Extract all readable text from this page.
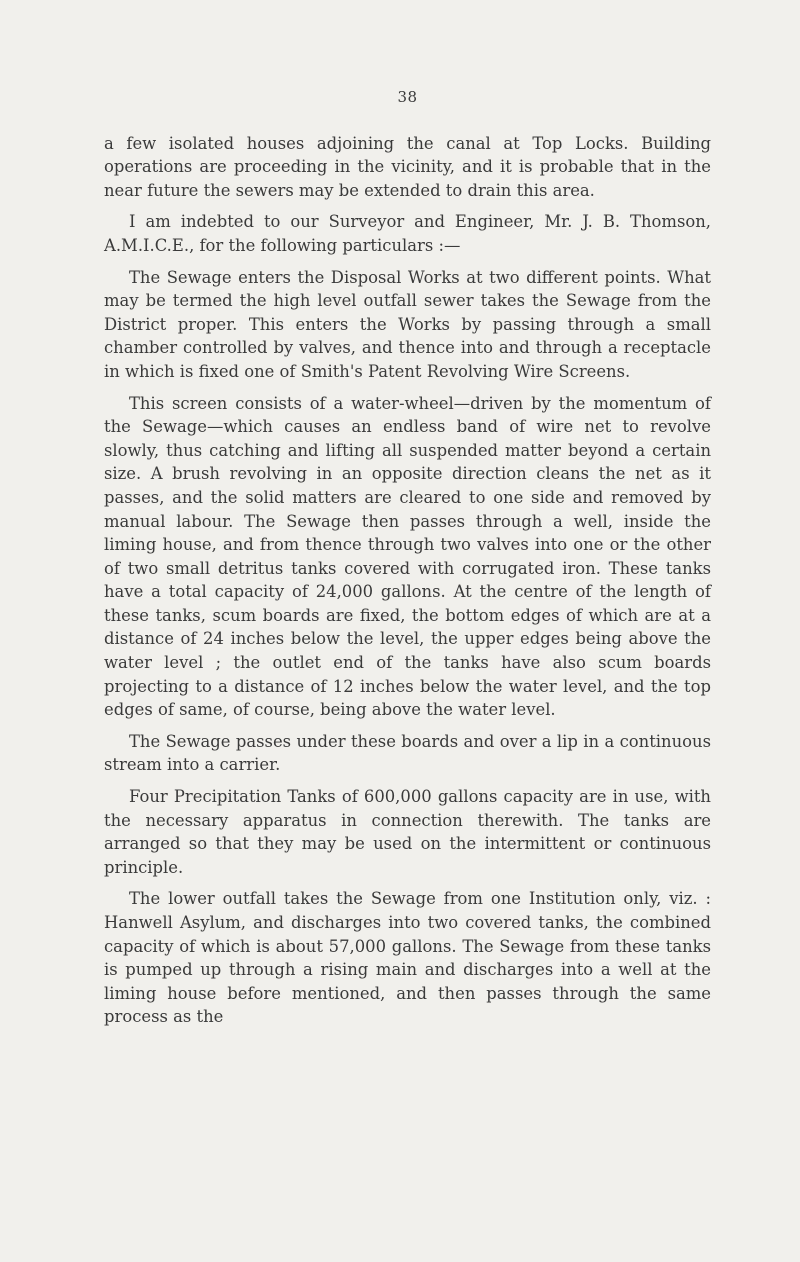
38

a few isolated houses adjoining the canal at Top Locks. Building operations are proceeding in the vicinity, and it is probable that in the near future the sewers may be extended to drain this area.

I am indebted to our Surveyor and Engineer, Mr. J. B. Thomson, A.M.I.C.E., for the following particulars :—

The Sewage enters the Disposal Works at two different points. What may be termed the high level outfall sewer takes the Sewage from the District proper. This enters the Works by passing through a small chamber controlled by valves, and thence into and through a receptacle in which is fixed one of Smith's Patent Revolving Wire Screens.

This screen consists of a water-wheel—driven by the momentum of the Sewage—which causes an endless band of wire net to revolve slowly, thus catching and lifting all suspended matter beyond a certain size. A brush revolving in an opposite direction cleans the net as it passes, and the solid matters are cleared to one side and removed by manual labour. The Sewage then passes through a well, inside the liming house, and from thence through two valves into one or the other of two small detritus tanks covered with corrugated iron. These tanks have a total capacity of 24,000 gallons. At the centre of the length of these tanks, scum boards are fixed, the bottom edges of which are at a distance of 24 inches below the level, the upper edges being above the water level ; the outlet end of the tanks have also scum boards projecting to a distance of 12 inches below the water level, and the top edges of same, of course, being above the water level.

The Sewage passes under these boards and over a lip in a continuous stream into a carrier.

Four Precipitation Tanks of 600,000 gallons capacity are in use, with the necessary apparatus in connection therewith. The tanks are arranged so that they may be used on the intermittent or continuous principle.

The lower outfall takes the Sewage from one Institution only, viz. : Hanwell Asylum, and discharges into two covered tanks, the combined capacity of which is about 57,000 gallons. The Sewage from these tanks is pumped up through a rising main and discharges into a well at the liming house before mentioned, and then passes through the same process as the
